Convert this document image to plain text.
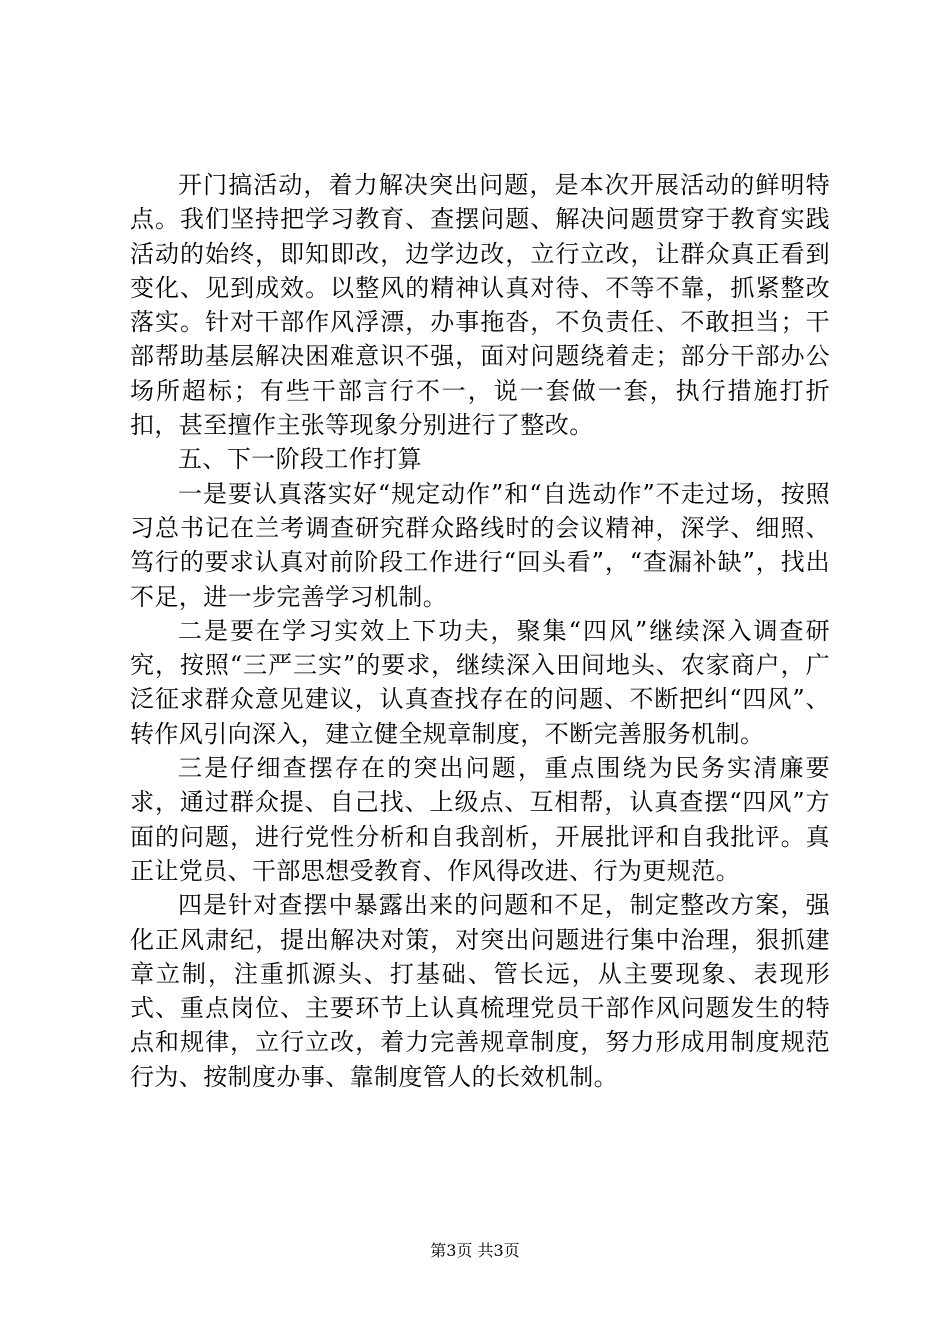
开门搞活动，着力解决突出问题，是本次开展活动的鲜明特点。我们坚持把学习教育、查摆问题、解决问题贯穿于教育实践活动的始终，即知即改，边学边改，立行立改，让群众真正看到变化、见到成效。以整风的精神认真对待、不等不靠，抓紧整改落实。针对干部作风浮漂，办事拖沓，不负责任、不敢担当；干部帮助基层解决困难意识不强，面对问题绕着走；部分干部办公场所超标；有些干部言行不一，说一套做一套，执行措施打折扣，甚至擅作主张等现象分别进行了整改。

五、下一阶段工作打算

一是要认真落实好“规定动作”和“自选动作”不走过场，按照习总书记在兰考调查研究群众路线时的会议精神，深学、细照、笃行的要求认真对前阶段工作进行“回头看”，“查漏补缺”，找出不足，进一步完善学习机制。

二是要在学习实效上下功夫，聚集“四风”继续深入调查研究，按照“三严三实”的要求，继续深入田间地头、农家商户，广泛征求群众意见建议，认真查找存在的问题、不断把纠“四风”、转作风引向深入，建立健全规章制度，不断完善服务机制。

三是仔细查摆存在的突出问题，重点围绕为民务实清廉要求，通过群众提、自己找、上级点、互相帮，认真查摆“四风”方面的问题，进行党性分析和自我剖析，开展批评和自我批评。真正让党员、干部思想受教育、作风得改进、行为更规范。

四是针对查摆中暴露出来的问题和不足，制定整改方案，强化正风肃纪，提出解决对策，对突出问题进行集中治理，狠抓建章立制，注重抓源头、打基础、管长远，从主要现象、表现形式、重点岗位、主要环节上认真梳理党员干部作风问题发生的特点和规律，立行立改，着力完善规章制度，努力形成用制度规范行为、按制度办事、靠制度管人的长效机制。

第3页 共3页
